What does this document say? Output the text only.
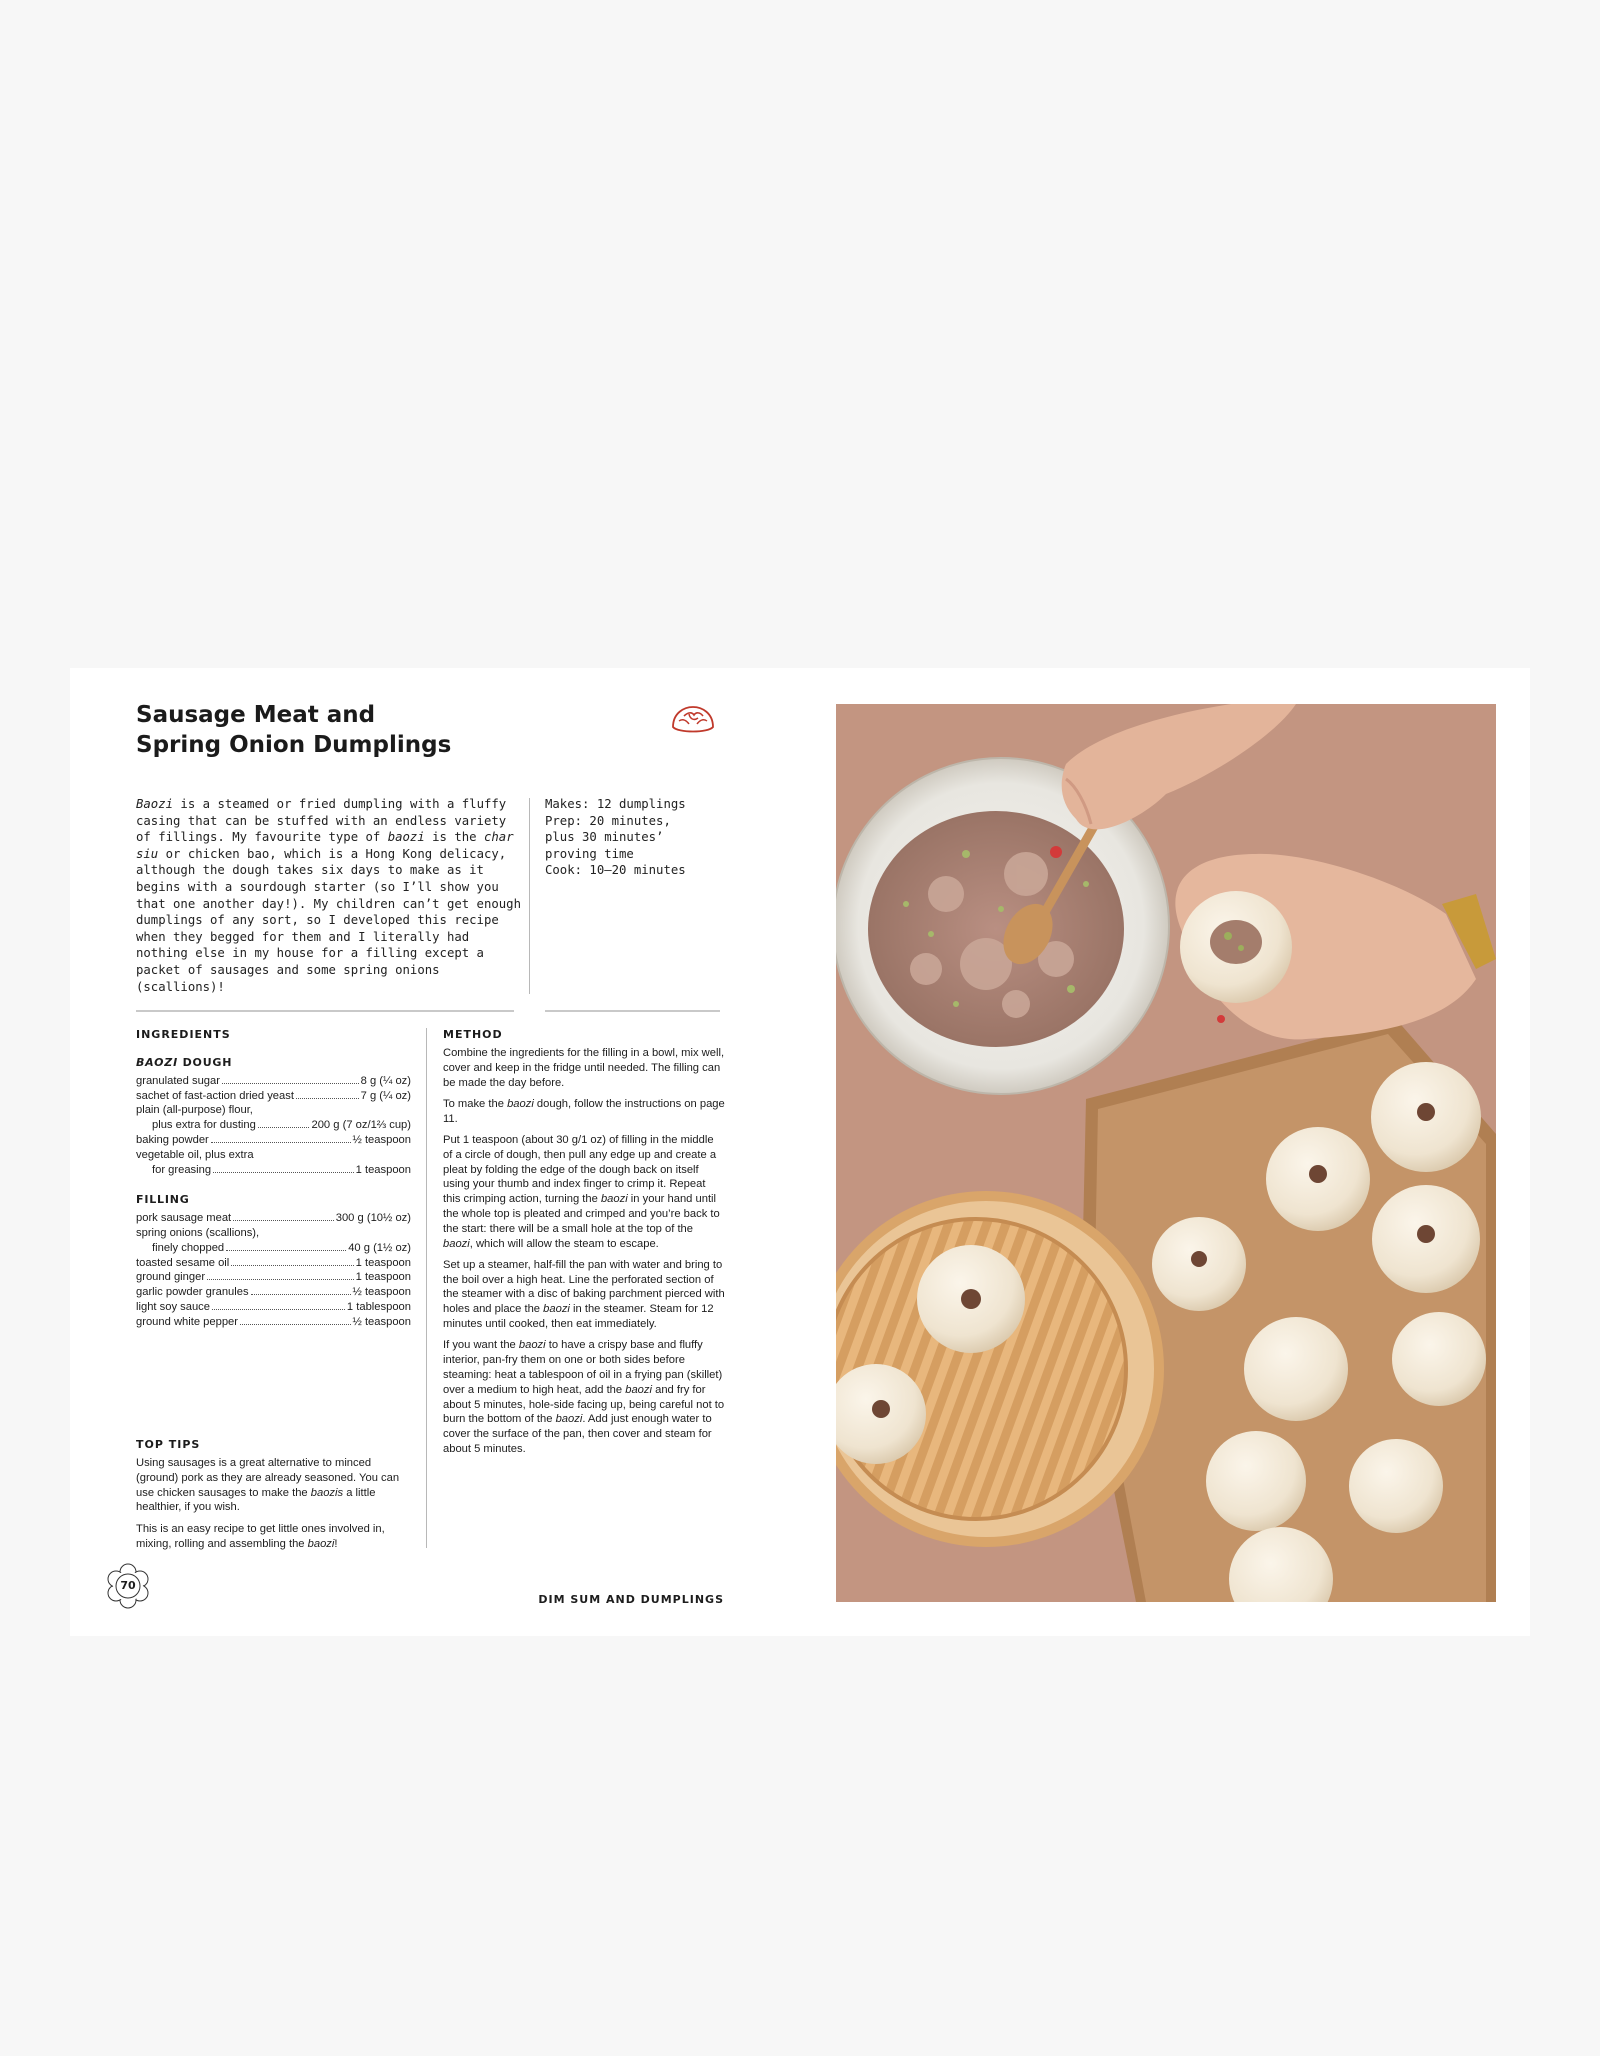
Sausage Meat and
Spring Onion Dumplings

Baozi is a steamed or fried dumpling with a fluffy casing that can be stuffed with an endless variety of fillings. My favourite type of baozi is the char siu or chicken bao, which is a Hong Kong delicacy, although the dough takes six days to make as it begins with a sourdough starter (so I’ll show you that one another day!). My children can’t get enough dumplings of any sort, so I developed this recipe when they begged for them and I literally had nothing else in my house for a filling except a packet of sausages and some spring onions (scallions)!

Makes: 12 dumplings
Prep: 20 minutes,
plus 30 minutes’
proving time
Cook: 10–20 minutes
INGREDIENTS
BAOZI DOUGH
granulated sugar	8 g (¼ oz)
sachet of fast-action dried yeast	7 g (¼ oz)
plain (all-purpose) flour,
plus extra for dusting	200 g (7 oz/1⅔ cup)
baking powder	½ teaspoon
vegetable oil, plus extra
for greasing	1 teaspoon
FILLING
pork sausage meat	300 g (10½ oz)
spring onions (scallions),
finely chopped	40 g (1½ oz)
toasted sesame oil	1 teaspoon
ground ginger	1 teaspoon
garlic powder granules	½ teaspoon
light soy sauce	1 tablespoon
ground white pepper	½ teaspoon
TOP TIPS

Using sausages is a great alternative to minced (ground) pork as they are already seasoned. You can use chicken sausages to make the baozis a little healthier, if you wish.

This is an easy recipe to get little ones involved in, mixing, rolling and assembling the baozi!

METHOD

Combine the ingredients for the filling in a bowl, mix well, cover and keep in the fridge until needed. The filling can be made the day before.

To make the baozi dough, follow the instructions on page 11.

Put 1 teaspoon (about 30 g/1 oz) of filling in the middle of a circle of dough, then pull any edge up and create a pleat by folding the edge of the dough back on itself using your thumb and index finger to crimp it. Repeat this crimping action, turning the baozi in your hand until the whole top is pleated and crimped and you’re back to the start: there will be a small hole at the top of the baozi, which will allow the steam to escape.

Set up a steamer, half-fill the pan with water and bring to the boil over a high heat. Line the perforated section of the steamer with a disc of baking parchment pierced with holes and place the baozi in the steamer. Steam for 12 minutes until cooked, then eat immediately.

If you want the baozi to have a crispy base and fluffy interior, pan-fry them on one or both sides before steaming: heat a tablespoon of oil in a frying pan (skillet) over a medium to high heat, add the baozi and fry for about 5 minutes, hole-side facing up, being careful not to burn the bottom of the baozi. Add just enough water to cover the surface of the pan, then cover and steam for about 5 minutes.

70
DIM SUM AND DUMPLINGS
